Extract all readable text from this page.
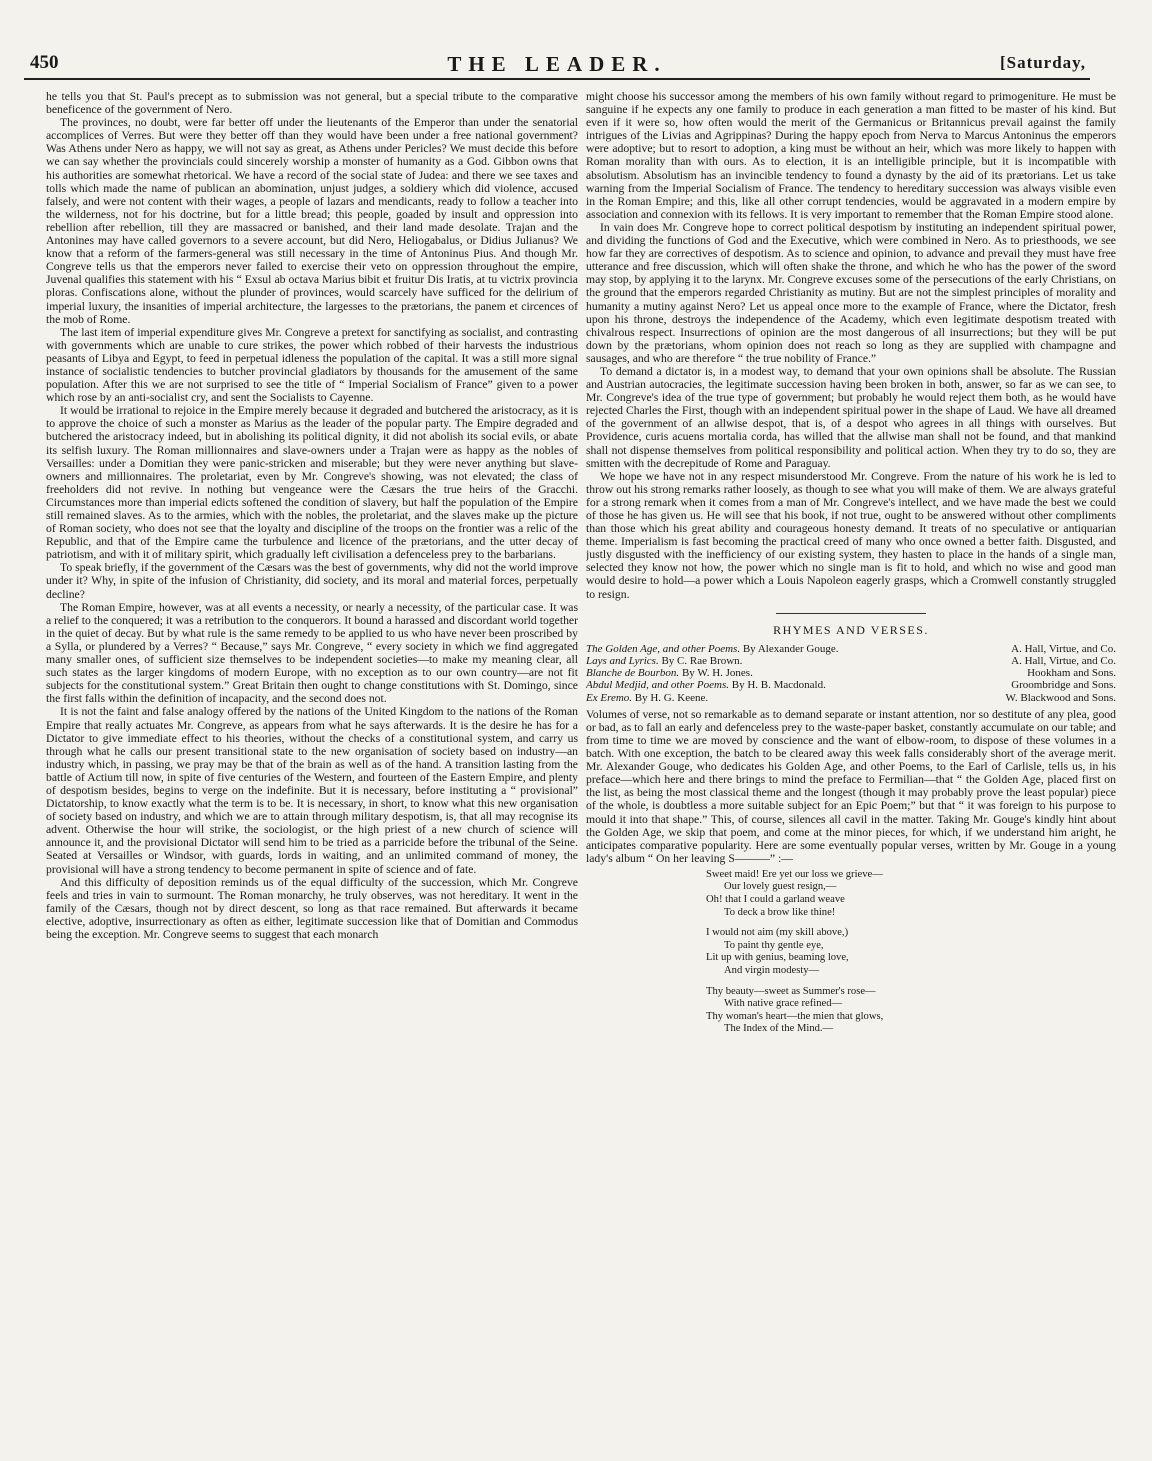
450	THE LEADER.	[Saturday,

he tells you that St. Paul's precept as to submission was not general, but a special tribute to the comparative beneficence of the government of Nero.

The provinces, no doubt, were far better off under the lieutenants of the Emperor than under the senatorial accomplices of Verres. But were they better off than they would have been under a free national government? Was Athens under Nero as happy, we will not say as great, as Athens under Pericles? We must decide this before we can say whether the provincials could sincerely worship a monster of humanity as a God. Gibbon owns that his authorities are somewhat rhetorical. We have a record of the social state of Judea: and there we see taxes and tolls which made the name of publican an abomination, unjust judges, a soldiery which did violence, accused falsely, and were not content with their wages, a people of lazars and mendicants, ready to follow a teacher into the wilderness, not for his doctrine, but for a little bread; this people, goaded by insult and oppression into rebellion after rebellion, till they are massacred or banished, and their land made desolate. Trajan and the Antonines may have called governors to a severe account, but did Nero, Heliogabalus, or Didius Julianus? We know that a reform of the farmers-general was still necessary in the time of Antoninus Pius. And though Mr. Congreve tells us that the emperors never failed to exercise their veto on oppression throughout the empire, Juvenal qualifies this statement with his “ Exsul ab octava Marius bibit et fruitur Dis Iratis, at tu victrix provincia ploras. Confiscations alone, without the plunder of provinces, would scarcely have sufficed for the delirium of imperial luxury, the insanities of imperial architecture, the largesses to the prætorians, the panem et circences of the mob of Rome.

The last item of imperial expenditure gives Mr. Congreve a pretext for sanctifying as socialist, and contrasting with governments which are unable to cure strikes, the power which robbed of their harvests the industrious peasants of Libya and Egypt, to feed in perpetual idleness the population of the capital. It was a still more signal instance of socialistic tendencies to butcher provincial gladiators by thousands for the amusement of the same population. After this we are not surprised to see the title of “ Imperial Socialism of France” given to a power which rose by an anti-socialist cry, and sent the Socialists to Cayenne.

It would be irrational to rejoice in the Empire merely because it degraded and butchered the aristocracy, as it is to approve the choice of such a monster as Marius as the leader of the popular party. The Empire degraded and butchered the aristocracy indeed, but in abolishing its political dignity, it did not abolish its social evils, or abate its selfish luxury. The Roman millionnaires and slave-owners under a Trajan were as happy as the nobles of Versailles: under a Domitian they were panic-stricken and miserable; but they were never anything but slave-owners and millionnaires. The proletariat, even by Mr. Congreve's showing, was not elevated; the class of freeholders did not revive. In nothing but vengeance were the Cæsars the true heirs of the Gracchi. Circumstances more than imperial edicts softened the condition of slavery, but half the population of the Empire still remained slaves. As to the armies, which with the nobles, the proletariat, and the slaves make up the picture of Roman society, who does not see that the loyalty and discipline of the troops on the frontier was a relic of the Republic, and that of the Empire came the turbulence and licence of the prætorians, and the utter decay of patriotism, and with it of military spirit, which gradually left civilisation a defenceless prey to the barbarians.

To speak briefly, if the government of the Cæsars was the best of governments, why did not the world improve under it? Why, in spite of the infusion of Christianity, did society, and its moral and material forces, perpetually decline?

The Roman Empire, however, was at all events a necessity, or nearly a necessity, of the particular case. It was a relief to the conquered; it was a retribution to the conquerors. It bound a harassed and discordant world together in the quiet of decay. But by what rule is the same remedy to be applied to us who have never been proscribed by a Sylla, or plundered by a Verres? “ Because,” says Mr. Congreve, “ every society in which we find aggregated many smaller ones, of sufficient size themselves to be independent societies—to make my meaning clear, all such states as the larger kingdoms of modern Europe, with no exception as to our own country—are not fit subjects for the constitutional system.” Great Britain then ought to change constitutions with St. Domingo, since the first falls within the definition of incapacity, and the second does not.

It is not the faint and false analogy offered by the nations of the United Kingdom to the nations of the Roman Empire that really actuates Mr. Congreve, as appears from what he says afterwards. It is the desire he has for a Dictator to give immediate effect to his theories, without the checks of a constitutional system, and carry us through what he calls our present transitional state to the new organisation of society based on industry—an industry which, in passing, we pray may be that of the brain as well as of the hand. A transition lasting from the battle of Actium till now, in spite of five centuries of the Western, and fourteen of the Eastern Empire, and plenty of despotism besides, begins to verge on the indefinite. But it is necessary, before instituting a “ provisional” Dictatorship, to know exactly what the term is to be. It is necessary, in short, to know what this new organisation of society based on industry, and which we are to attain through military despotism, is, that all may recognise its advent. Otherwise the hour will strike, the sociologist, or the high priest of a new church of science will announce it, and the provisional Dictator will send him to be tried as a parricide before the tribunal of the Seine. Seated at Versailles or Windsor, with guards, lords in waiting, and an unlimited command of money, the provisional will have a strong tendency to become permanent in spite of science and of fate.

And this difficulty of deposition reminds us of the equal difficulty of the succession, which Mr. Congreve feels and tries in vain to surmount. The Roman monarchy, he truly observes, was not hereditary. It went in the family of the Cæsars, though not by direct descent, so long as that race remained. But afterwards it became elective, adoptive, insurrectionary as often as either, legitimate succession like that of Domitian and Commodus being the exception. Mr. Congreve seems to suggest that each monarch

might choose his successor among the members of his own family without regard to primogeniture. He must be sanguine if he expects any one family to produce in each generation a man fitted to be master of his kind. But even if it were so, how often would the merit of the Germanicus or Britannicus prevail against the family intrigues of the Livias and Agrippinas? During the happy epoch from Nerva to Marcus Antoninus the emperors were adoptive; but to resort to adoption, a king must be without an heir, which was more likely to happen with Roman morality than with ours. As to election, it is an intelligible principle, but it is incompatible with absolutism. Absolutism has an invincible tendency to found a dynasty by the aid of its prætorians. Let us take warning from the Imperial Socialism of France. The tendency to hereditary succession was always visible even in the Roman Empire; and this, like all other corrupt tendencies, would be aggravated in a modern empire by association and connexion with its fellows. It is very important to remember that the Roman Empire stood alone.

In vain does Mr. Congreve hope to correct political despotism by instituting an independent spiritual power, and dividing the functions of God and the Executive, which were combined in Nero. As to priesthoods, we see how far they are correctives of despotism. As to science and opinion, to advance and prevail they must have free utterance and free discussion, which will often shake the throne, and which he who has the power of the sword may stop, by applying it to the larynx. Mr. Congreve excuses some of the persecutions of the early Christians, on the ground that the emperors regarded Christianity as mutiny. But are not the simplest principles of morality and humanity a mutiny against Nero? Let us appeal once more to the example of France, where the Dictator, fresh upon his throne, destroys the independence of the Academy, which even legitimate despotism treated with chivalrous respect. Insurrections of opinion are the most dangerous of all insurrections; but they will be put down by the prætorians, whom opinion does not reach so long as they are supplied with champagne and sausages, and who are therefore “ the true nobility of France.”

To demand a dictator is, in a modest way, to demand that your own opinions shall be absolute. The Russian and Austrian autocracies, the legitimate succession having been broken in both, answer, so far as we can see, to Mr. Congreve's idea of the true type of government; but probably he would reject them both, as he would have rejected Charles the First, though with an independent spiritual power in the shape of Laud. We have all dreamed of the government of an allwise despot, that is, of a despot who agrees in all things with ourselves. But Providence, curis acuens mortalia corda, has willed that the allwise man shall not be found, and that mankind shall not dispense themselves from political responsibility and political action. When they try to do so, they are smitten with the decrepitude of Rome and Paraguay.

We hope we have not in any respect misunderstood Mr. Congreve. From the nature of his work he is led to throw out his strong remarks rather loosely, as though to see what you will make of them. We are always grateful for a strong remark when it comes from a man of Mr. Congreve's intellect, and we have made the best we could of those he has given us. He will see that his book, if not true, ought to be answered without other compliments than those which his great ability and courageous honesty demand. It treats of no speculative or antiquarian theme. Imperialism is fast becoming the practical creed of many who once owned a better faith. Disgusted, and justly disgusted with the inefficiency of our existing system, they hasten to place in the hands of a single man, selected they know not how, the power which no single man is fit to hold, and which no wise and good man would desire to hold—a power which a Louis Napoleon eagerly grasps, which a Cromwell constantly struggled to resign.

RHYMES AND VERSES.
The Golden Age, and other Poems. By Alexander Gouge.	A. Hall, Virtue, and Co.
Lays and Lyrics. By C. Rae Brown.	A. Hall, Virtue, and Co.
Blanche de Bourbon. By W. H. Jones.	Hookham and Sons.
Abdul Medjid, and other Poems. By H. B. Macdonald.	Groombridge and Sons.
Ex Eremo. By H. G. Keene.	W. Blackwood and Sons.

Volumes of verse, not so remarkable as to demand separate or instant attention, nor so destitute of any plea, good or bad, as to fall an early and defenceless prey to the waste-paper basket, constantly accumulate on our table; and from time to time we are moved by conscience and the want of elbow-room, to dispose of these volumes in a batch. With one exception, the batch to be cleared away this week falls considerably short of the average merit. Mr. Alexander Gouge, who dedicates his Golden Age, and other Poems, to the Earl of Carlisle, tells us, in his preface—which here and there brings to mind the preface to Fermilian—that “ the Golden Age, placed first on the list, as being the most classical theme and the longest (though it may probably prove the least popular) piece of the whole, is doubtless a more suitable subject for an Epic Poem;” but that “ it was foreign to his purpose to mould it into that shape.” This, of course, silences all cavil in the matter. Taking Mr. Gouge's kindly hint about the Golden Age, we skip that poem, and come at the minor pieces, for which, if we understand him aright, he anticipates comparative popularity. Here are some eventually popular verses, written by Mr. Gouge in a young lady's album “ On her leaving S———” :—

Sweet maid! Ere yet our loss we grieve—
Our lovely guest resign,—
Oh! that I could a garland weave
To deck a brow like thine!
I would not aim (my skill above,)
To paint thy gentle eye,
Lit up with genius, beaming love,
And virgin modesty—
Thy beauty—sweet as Summer's rose—
With native grace refined—
Thy woman's heart—the mien that glows,
The Index of the Mind.—
